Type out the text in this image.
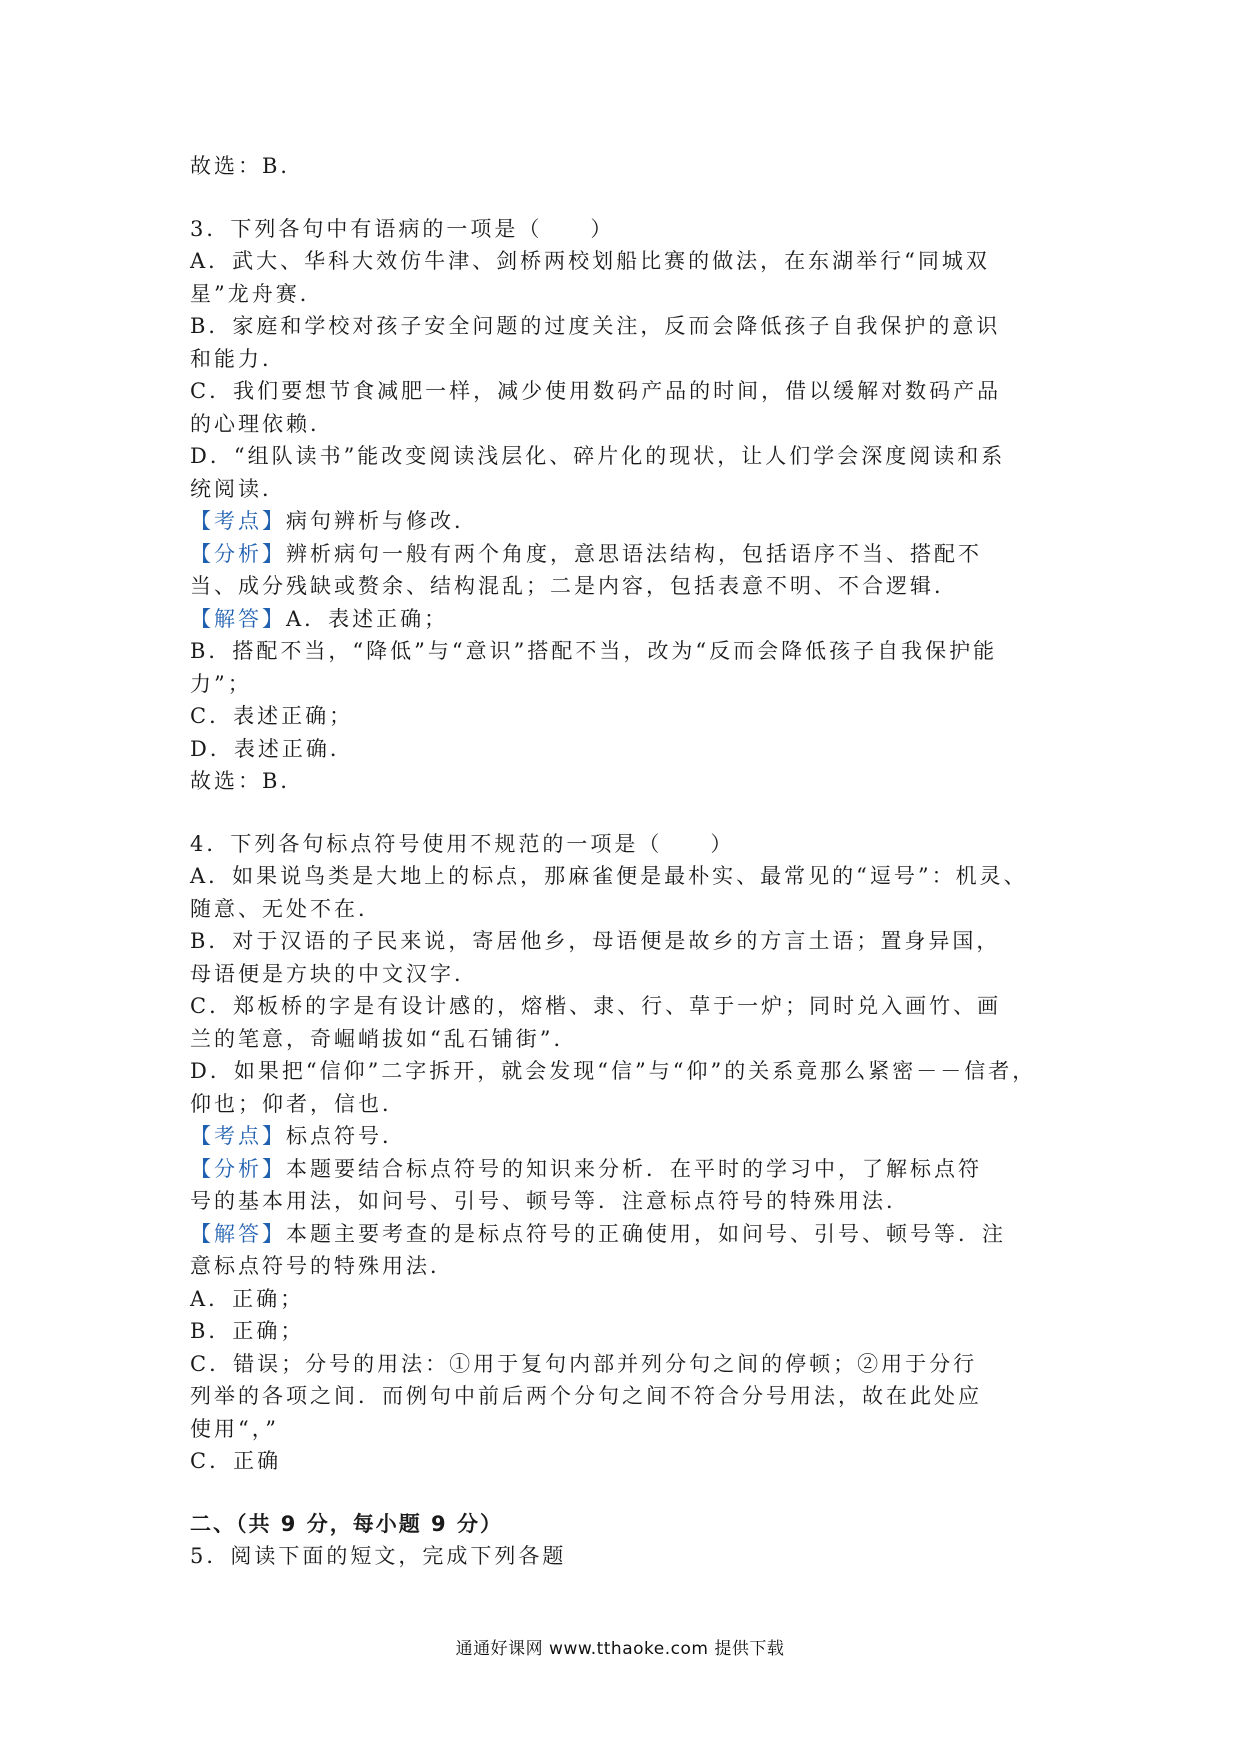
故选：B．
3．下列各句中有语病的一项是（　　）
A．武大、华科大效仿牛津、剑桥两校划船比赛的做法，在东湖举行“同城双
星”龙舟赛．
B．家庭和学校对孩子安全问题的过度关注，反而会降低孩子自我保护的意识
和能力．
C．我们要想节食减肥一样，减少使用数码产品的时间，借以缓解对数码产品
的心理依赖．
D．“组队读书”能改变阅读浅层化、碎片化的现状，让人们学会深度阅读和系
统阅读．
【考点】病句辨析与修改．
【分析】辨析病句一般有两个角度，意思语法结构，包括语序不当、搭配不
当、成分残缺或赘余、结构混乱；二是内容，包括表意不明、不合逻辑．
【解答】A．表述正确；
B．搭配不当，“降低”与“意识”搭配不当，改为“反而会降低孩子自我保护能
力”；
C．表述正确；
D．表述正确．
故选：B．
4．下列各句标点符号使用不规范的一项是（　　）
A．如果说鸟类是大地上的标点，那麻雀便是最朴实、最常见的“逗号”：机灵、
随意、无处不在．
B．对于汉语的子民来说，寄居他乡，母语便是故乡的方言土语；置身异国，
母语便是方块的中文汉字．
C．郑板桥的字是有设计感的，熔楷、隶、行、草于一炉；同时兑入画竹、画
兰的笔意，奇崛峭拔如“乱石铺街”．
D．如果把“信仰”二字拆开，就会发现“信”与“仰”的关系竟那么紧密－－信者，
仰也；仰者，信也．
【考点】标点符号．
【分析】本题要结合标点符号的知识来分析．在平时的学习中，了解标点符
号的基本用法，如问号、引号、顿号等．注意标点符号的特殊用法．
【解答】本题主要考查的是标点符号的正确使用，如问号、引号、顿号等．注
意标点符号的特殊用法．
A．正确；
B．正确；
C．错误；分号的用法：①用于复句内部并列分句之间的停顿；②用于分行
列举的各项之间．而例句中前后两个分句之间不符合分号用法，故在此处应
使用“，”
C．正确
二、（共 9 分，每小题 9 分）
5．阅读下面的短文，完成下列各题
通通好课网 www.tthaoke.com 提供下载
